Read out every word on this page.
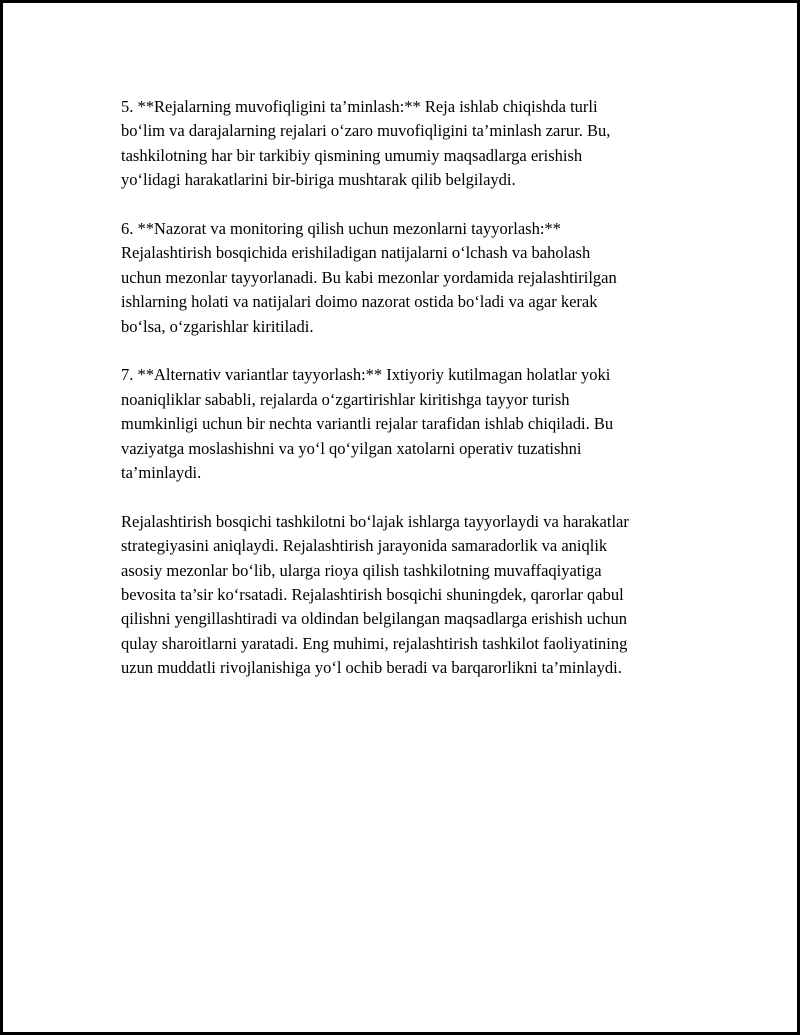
5. **Rejalarning muvofiqligini ta’minlash:** Reja ishlab chiqishda turli
bo‘lim va darajalarning rejalari o‘zaro muvofiqligini ta’minlash zarur. Bu,
tashkilotning har bir tarkibiy qismining umumiy maqsadlarga erishish
yo‘lidagi harakatlarini bir-biriga mushtarak qilib belgilaydi.

6. **Nazorat va monitoring qilish uchun mezonlarni tayyorlash:**
Rejalashtirish bosqichida erishiladigan natijalarni o‘lchash va baholash
uchun mezonlar tayyorlanadi. Bu kabi mezonlar yordamida rejalashtirilgan
ishlarning holati va natijalari doimo nazorat ostida bo‘ladi va agar kerak
bo‘lsa, o‘zgarishlar kiritiladi.

7. **Alternativ variantlar tayyorlash:** Ixtiyoriy kutilmagan holatlar yoki
noaniqliklar sababli, rejalarda o‘zgartirishlar kiritishga tayyor turish
mumkinligi uchun bir nechta variantli rejalar tarafidan ishlab chiqiladi. Bu
vaziyatga moslashishni va yo‘l qo‘yilgan xatolarni operativ tuzatishni
ta’minlaydi.

Rejalashtirish bosqichi tashkilotni bo‘lajak ishlarga tayyorlaydi va harakatlar
strategiyasini aniqlaydi. Rejalashtirish jarayonida samaradorlik va aniqlik
asosiy mezonlar bo‘lib, ularga rioya qilish tashkilotning muvaffaqiyatiga
bevosita ta’sir ko‘rsatadi. Rejalashtirish bosqichi shuningdek, qarorlar qabul
qilishni yengillashtiradi va oldindan belgilangan maqsadlarga erishish uchun
qulay sharoitlarni yaratadi. Eng muhimi, rejalashtirish tashkilot faoliyatining
uzun muddatli rivojlanishiga yo‘l ochib beradi va barqarorlikni ta’minlaydi.
